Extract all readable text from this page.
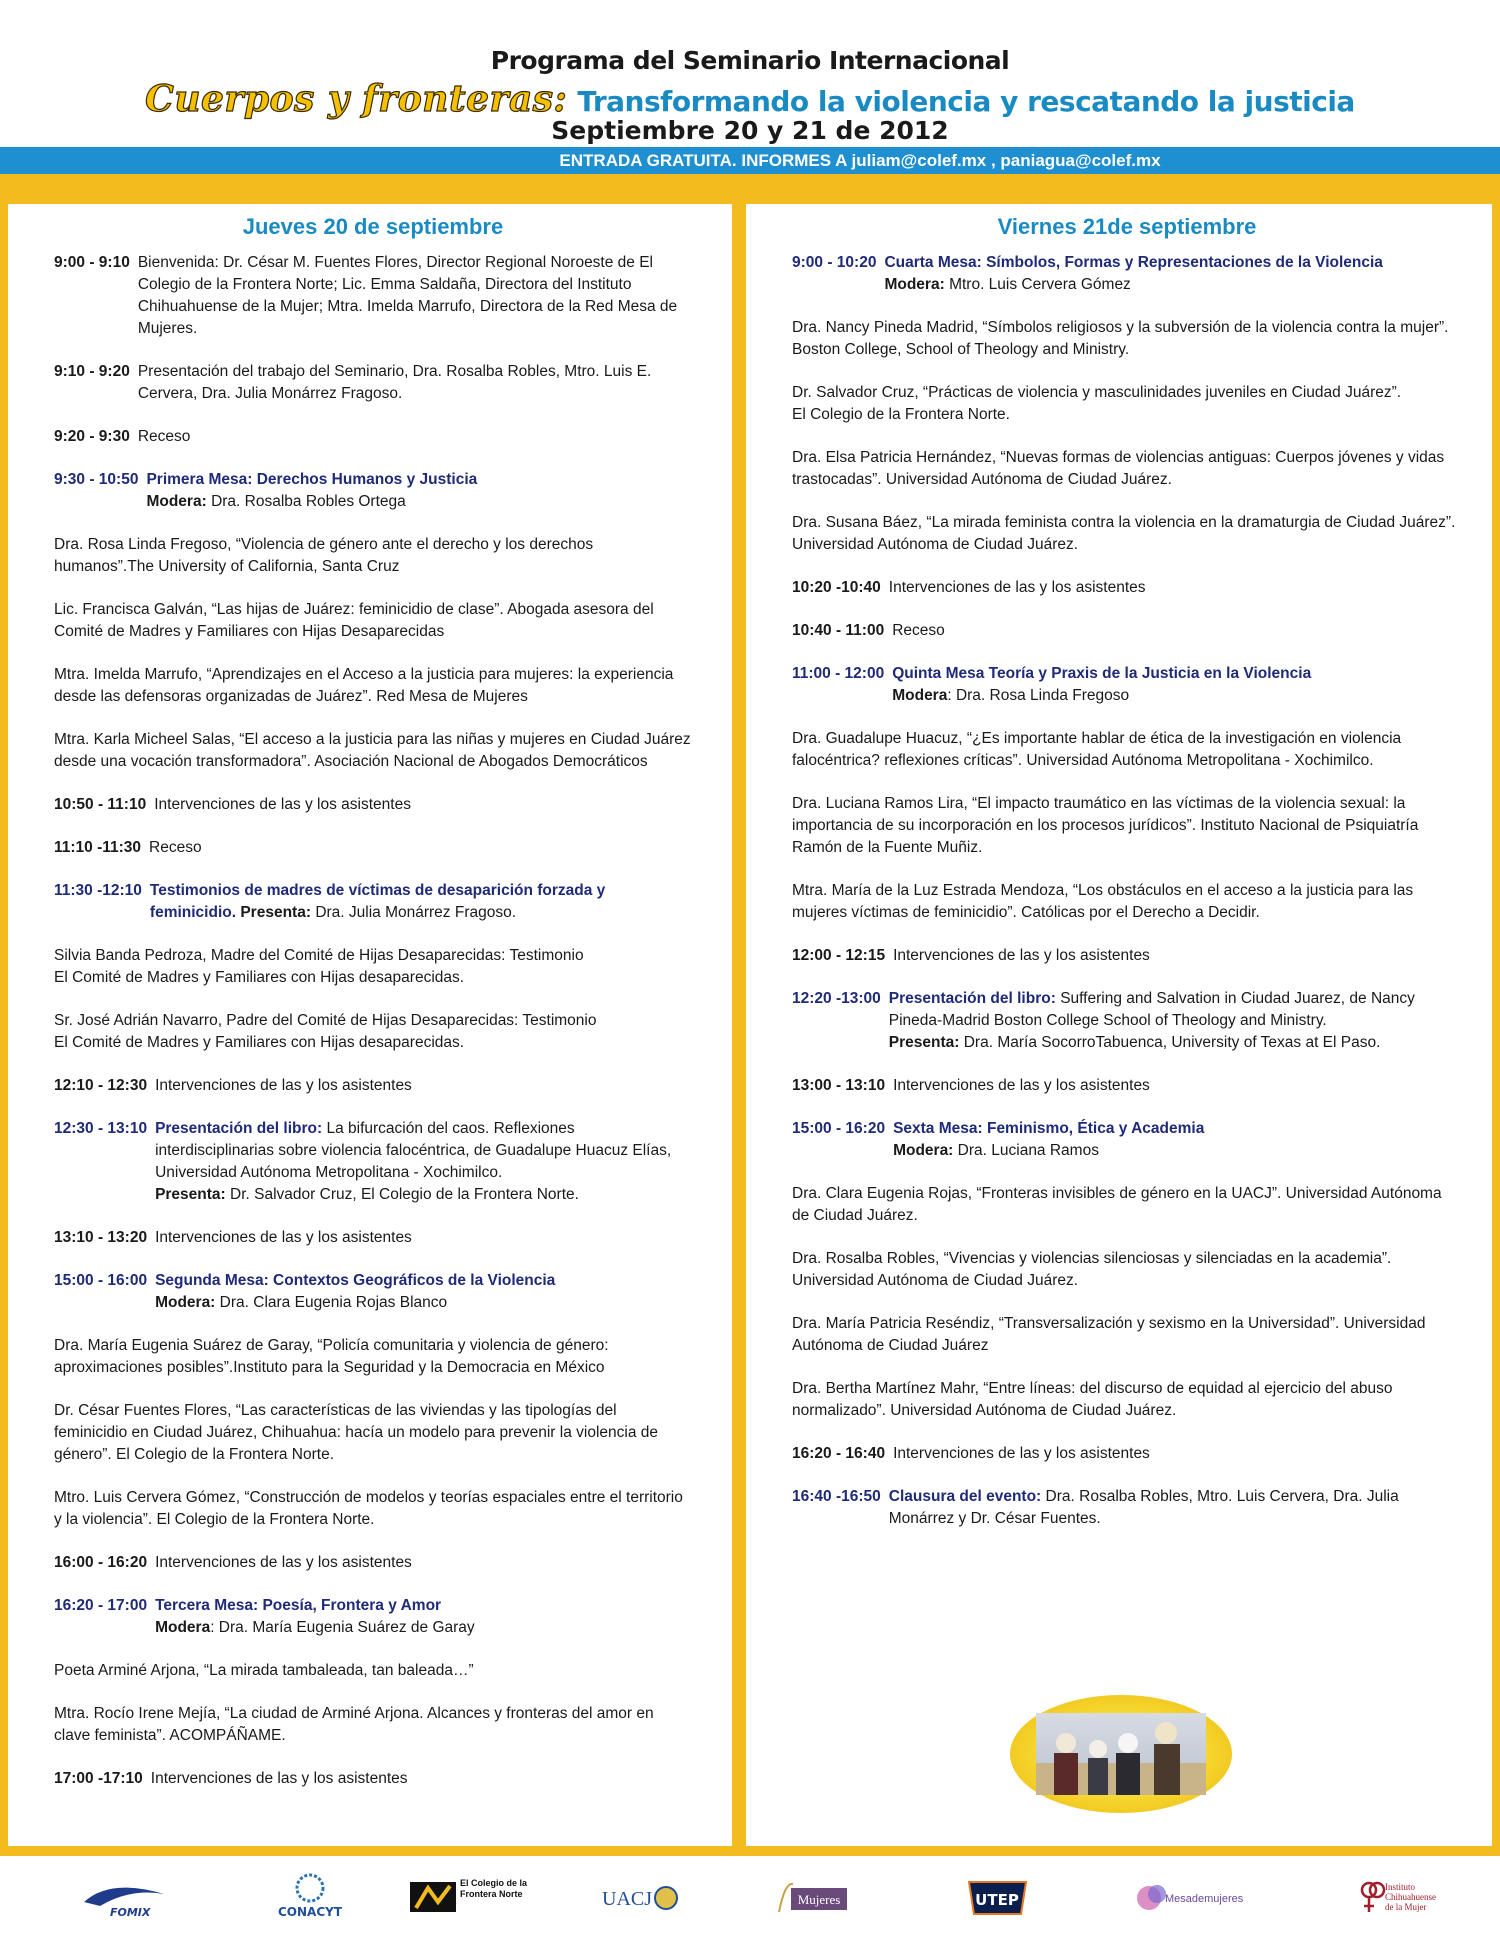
Programa del Seminario Internacional
Cuerpos y fronteras: Transformando la violencia y rescatando la justicia
Septiembre 20 y 21 de 2012
ENTRADA GRATUITA. INFORMES A juliam@colef.mx , paniagua@colef.mx
Jueves 20 de septiembre
9:00 - 9:10 Bienvenida: Dr. César M. Fuentes Flores, Director Regional Noroeste de El Colegio de la Frontera Norte; Lic. Emma Saldaña, Directora del Instituto Chihuahuense de la Mujer; Mtra. Imelda Marrufo, Directora de la Red Mesa de Mujeres.
9:10 - 9:20 Presentación del trabajo del Seminario, Dra. Rosalba Robles, Mtro. Luis E. Cervera, Dra. Julia Monárrez Fragoso.
9:20 - 9:30 Receso
9:30 - 10:50 Primera Mesa: Derechos Humanos y Justicia
Modera: Dra. Rosalba Robles Ortega
Dra. Rosa Linda Fregoso, “Violencia de género ante el derecho y los derechos humanos”.The University of California, Santa Cruz
Lic. Francisca Galván, “Las hijas de Juárez: feminicidio de clase”. Abogada asesora del Comité de Madres y Familiares con Hijas Desaparecidas
Mtra. Imelda Marrufo, “Aprendizajes en el Acceso a la justicia para mujeres: la experiencia desde las defensoras organizadas de Juárez”. Red Mesa de Mujeres
Mtra. Karla Micheel Salas, “El acceso a la justicia para las niñas y mujeres en Ciudad Juárez desde una vocación transformadora”. Asociación Nacional de Abogados Democráticos
10:50 - 11:10 Intervenciones de las y los asistentes
11:10 -11:30 Receso
11:30 -12:10 Testimonios de madres de víctimas de desaparición forzada y feminicidio. Presenta: Dra. Julia Monárrez Fragoso.
Silvia Banda Pedroza, Madre del Comité de Hijas Desaparecidas: Testimonio
El Comité de Madres y Familiares con Hijas desaparecidas.
Sr. José Adrián Navarro, Padre del Comité de Hijas Desaparecidas: Testimonio
El Comité de Madres y Familiares con Hijas desaparecidas.
12:10 - 12:30 Intervenciones de las y los asistentes
12:30 - 13:10 Presentación del libro: La bifurcación del caos. Reflexiones interdisciplinarias sobre violencia falocéntrica, de Guadalupe Huacuz Elías, Universidad Autónoma Metropolitana - Xochimilco.
Presenta: Dr. Salvador Cruz, El Colegio de la Frontera Norte.
13:10 - 13:20 Intervenciones de las y los asistentes
15:00 - 16:00 Segunda Mesa: Contextos Geográficos de la Violencia
Modera: Dra. Clara Eugenia Rojas Blanco
Dra. María Eugenia Suárez de Garay, “Policía comunitaria y violencia de género: aproximaciones posibles”.Instituto para la Seguridad y la Democracia en México
Dr. César Fuentes Flores, “Las características de las viviendas y las tipologías del feminicidio en Ciudad Juárez, Chihuahua: hacía un modelo para prevenir la violencia de género”. El Colegio de la Frontera Norte.
Mtro. Luis Cervera Gómez, “Construcción de modelos y teorías espaciales entre el territorio y la violencia”. El Colegio de la Frontera Norte.
16:00 - 16:20 Intervenciones de las y los asistentes
16:20 - 17:00 Tercera Mesa: Poesía, Frontera y Amor
Modera: Dra. María Eugenia Suárez de Garay
Poeta Arminé Arjona, “La mirada tambaleada, tan baleada…”
Mtra. Rocío Irene Mejía, “La ciudad de Arminé Arjona. Alcances y fronteras del amor en clave feminista”. ACOMPÁÑAME.
17:00 -17:10 Intervenciones de las y los asistentes
Viernes 21de septiembre
9:00 - 10:20 Cuarta Mesa: Símbolos, Formas y Representaciones de la Violencia
Modera: Mtro. Luis Cervera Gómez
Dra. Nancy Pineda Madrid, “Símbolos religiosos y la subversión de la violencia contra la mujer”. Boston College, School of Theology and Ministry.
Dr. Salvador Cruz, “Prácticas de violencia y masculinidades juveniles en Ciudad Juárez”.
El Colegio de la Frontera Norte.
Dra. Elsa Patricia Hernández, “Nuevas formas de violencias antiguas: Cuerpos jóvenes y vidas trastocadas”. Universidad Autónoma de Ciudad Juárez.
Dra. Susana Báez, “La mirada feminista contra la violencia en la dramaturgia de Ciudad Juárez”. Universidad Autónoma de Ciudad Juárez.
10:20 -10:40 Intervenciones de las y los asistentes
10:40 - 11:00 Receso
11:00 - 12:00 Quinta Mesa Teoría y Praxis de la Justicia en la Violencia
Modera: Dra. Rosa Linda Fregoso
Dra. Guadalupe Huacuz, “¿Es importante hablar de ética de la investigación en violencia falocéntrica? reflexiones críticas”. Universidad Autónoma Metropolitana - Xochimilco.
Dra. Luciana Ramos Lira, “El impacto traumático en las víctimas de la violencia sexual: la importancia de su incorporación en los procesos jurídicos”. Instituto Nacional de Psiquiatría Ramón de la Fuente Muñiz.
Mtra. María de la Luz Estrada Mendoza, “Los obstáculos en el acceso a la justicia para las mujeres víctimas de feminicidio”. Católicas por el Derecho a Decidir.
12:00 - 12:15 Intervenciones de las y los asistentes
12:20 -13:00 Presentación del libro: Suffering and Salvation in Ciudad Juarez, de Nancy Pineda-Madrid Boston College School of Theology and Ministry.
Presenta: Dra. María SocorroTabuenca, University of Texas at El Paso.
13:00 - 13:10 Intervenciones de las y los asistentes
15:00 - 16:20 Sexta Mesa: Feminismo, Ética y Academia
Modera: Dra. Luciana Ramos
Dra. Clara Eugenia Rojas, “Fronteras invisibles de género en la UACJ”. Universidad Autónoma de Ciudad Juárez.
Dra. Rosalba Robles, “Vivencias y violencias silenciosas y silenciadas en la academia”. Universidad Autónoma de Ciudad Juárez.
Dra. María Patricia Reséndiz, “Transversalización y sexismo en la Universidad”. Universidad Autónoma de Ciudad Juárez
Dra. Bertha Martínez Mahr, “Entre líneas: del discurso de equidad al ejercicio del abuso normalizado”. Universidad Autónoma de Ciudad Juárez.
16:20 - 16:40 Intervenciones de las y los asistentes
16:40 -16:50 Clausura del evento: Dra. Rosalba Robles, Mtro. Luis Cervera, Dra. Julia Monárrez y Dr. César Fuentes.
FOMIX	CONACYT
El Colegio de la Frontera Norte	UACJ	Mujeres	UTEP	Mesademujeres
Instituto Chihuahuense de la Mujer
